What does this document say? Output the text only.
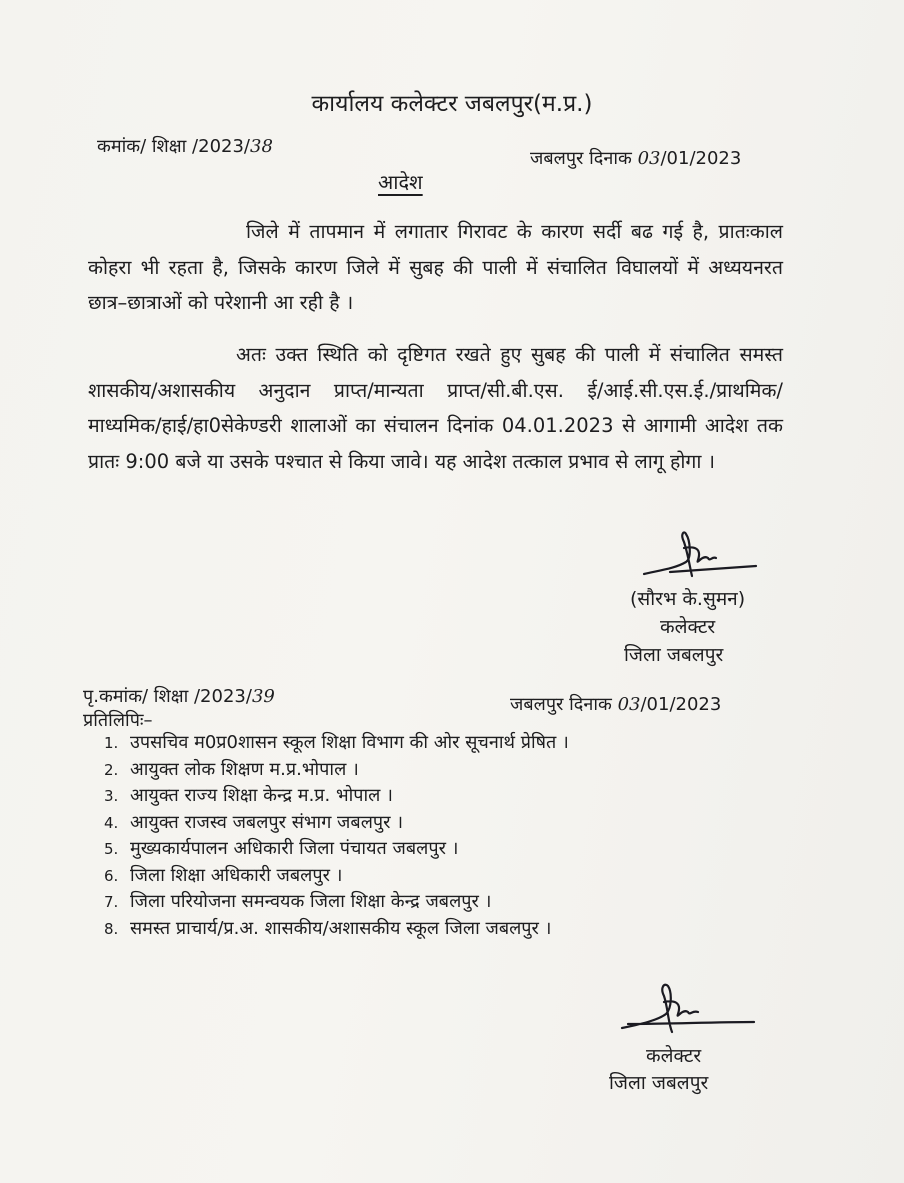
कार्यालय कलेक्टर जबलपुर(म.प्र.)
कमांक/ शिक्षा /2023/38
जबलपुर दिनाक 03/01/2023
आदेश
जिले में तापमान में लगातार गिरावट के कारण सर्दी बढ गई है, प्रातःकाल कोहरा भी रहता है, जिसके कारण जिले में सुबह की पाली में संचालित विघालयों में अध्ययनरत छात्र–छात्राओं को परेशानी आ रही है ।
अतः उक्त स्थिति को दृष्टिगत रखते हुए सुबह की पाली में संचालित समस्त शासकीय/अशासकीय अनुदान प्राप्त/मान्यता प्राप्त/सी.बी.एस. ई/आई.सी.एस.ई./प्राथमिक/माध्यमिक/हाई/हा0सेकेण्डरी शालाओं का संचालन दिनांक 04.01.2023 से आगामी आदेश तक प्रातः 9:00 बजे या उसके पश्चात से किया जावे। यह आदेश तत्काल प्रभाव से लागू होगा ।
(सौरभ के.सुमन)
कलेक्टर
जिला जबलपुर
पृ.कमांक/ शिक्षा /2023/39	जबलपुर दिनाक 03/01/2023
प्रतिलिपिः–
1. उपसचिव म0प्र0शासन स्कूल शिक्षा विभाग की ओर सूचनार्थ प्रेषित ।
2. आयुक्त लोक शिक्षण म.प्र.भोपाल ।
3. आयुक्त राज्य शिक्षा केन्द्र म.प्र. भोपाल ।
4. आयुक्त राजस्व जबलपुर संभाग जबलपुर ।
5. मुख्यकार्यपालन अधिकारी जिला पंचायत जबलपुर ।
6. जिला शिक्षा अधिकारी जबलपुर ।
7. जिला परियोजना समन्वयक जिला शिक्षा केन्द्र जबलपुर ।
8. समस्त प्राचार्य/प्र.अ. शासकीय/अशासकीय स्कूल जिला जबलपुर ।
कलेक्टर
जिला जबलपुर
